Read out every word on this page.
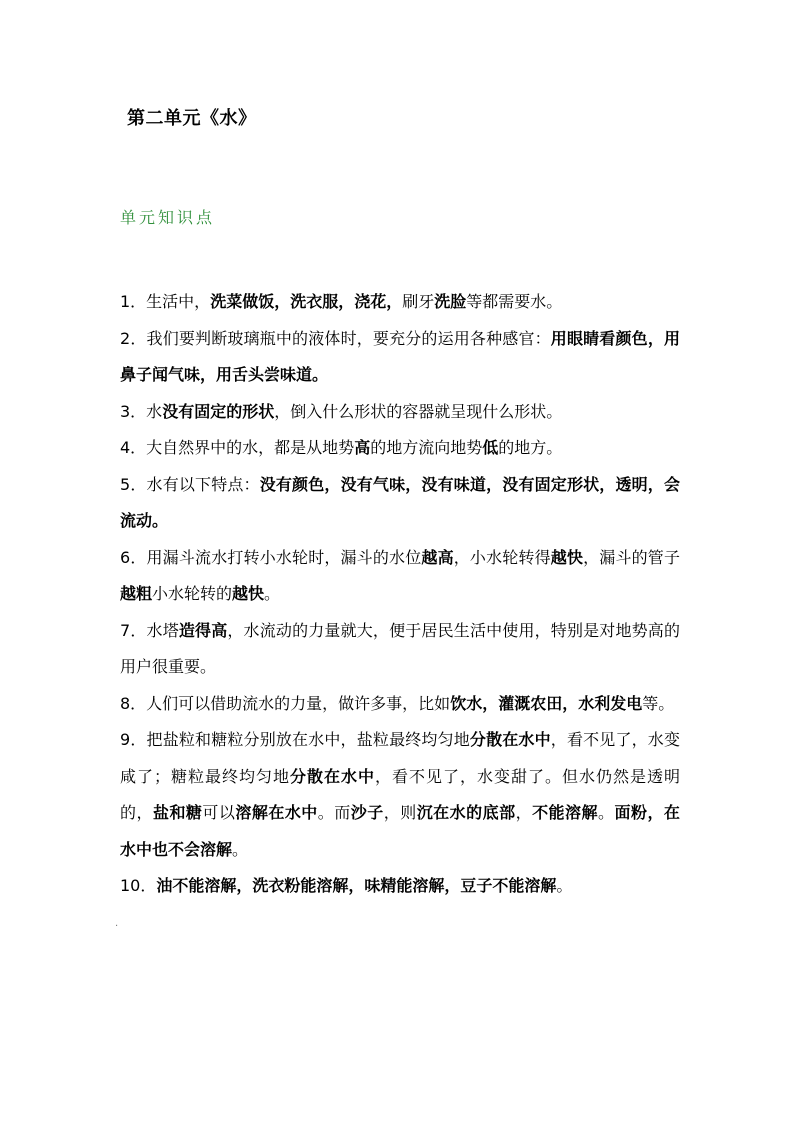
第二单元《水》
单元知识点

1．生活中，洗菜做饭，洗衣服，浇花，刷牙洗脸等都需要水。

2．我们要判断玻璃瓶中的液体时，要充分的运用各种感官：用眼睛看颜色，用鼻子闻气味，用舌头尝味道。

3．水没有固定的形状，倒入什么形状的容器就呈现什么形状。

4．大自然界中的水，都是从地势高的地方流向地势低的地方。

5．水有以下特点：没有颜色，没有气味，没有味道，没有固定形状，透明，会流动。

6．用漏斗流水打转小水轮时，漏斗的水位越高，小水轮转得越快，漏斗的管子越粗小水轮转的越快。

7．水塔造得高，水流动的力量就大，便于居民生活中使用，特别是对地势高的用户很重要。

8．人们可以借助流水的力量，做许多事，比如饮水，灌溉农田，水利发电等。

9．把盐粒和糖粒分别放在水中，盐粒最终均匀地分散在水中，看不见了，水变咸了；糖粒最终均匀地分散在水中，看不见了，水变甜了。但水仍然是透明的，盐和糖可以溶解在水中。而沙子，则沉在水的底部，不能溶解。面粉，在水中也不会溶解。

10．油不能溶解，洗衣粉能溶解，味精能溶解，豆子不能溶解。

.
